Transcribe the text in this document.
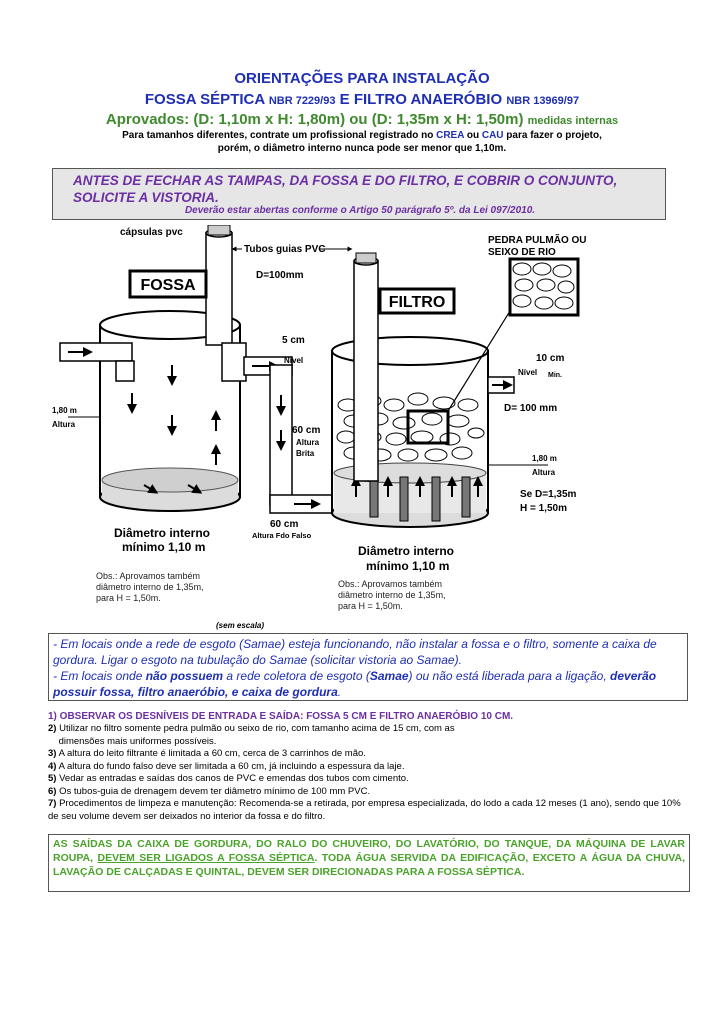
ORIENTAÇÕES PARA INSTALAÇÃO
FOSSA SÉPTICA NBR 7229/93 E FILTRO ANAERÓBIO NBR 13969/97
Aprovados: (D: 1,10m x H: 1,80m) ou (D: 1,35m x H: 1,50m) medidas internas
Para tamanhos diferentes, contrate um profissional registrado no CREA ou CAU para fazer o projeto,
porém, o diâmetro interno nunca pode ser menor que 1,10m.
ANTES DE FECHAR AS TAMPAS, DA FOSSA E DO FILTRO, E COBRIR O CONJUNTO, SOLICITE A VISTORIA.
Deverão estar abertas conforme o Artigo 50 parágrafo 5º. da Lei 097/2010.
FOSSA
FILTRO
cápsulas pvc
Tubos guias PVC
D=100mm
PEDRA PULMÃO OU
SEIXO DE RIO
5 cm
Nível	10 cm
Nível Min.
D= 100 mm
1,80 m
Altura
60 cm
Altura
Brita
1,80 m
Altura
Se D=1,35m
H = 1,50m
60 cm
Altura Fdo Falso
Diâmetro interno
mínimo 1,10 m	Diâmetro interno
mínimo 1,10 m
Obs.: Aprovamos também
diâmetro interno de 1,35m,
para H = 1,50m.
Obs.: Aprovamos também
diâmetro interno de 1,35m,
para H = 1,50m.
(sem escala)

- Em locais onde a rede de esgoto (Samae) esteja funcionando, não instalar a fossa e o filtro, somente a caixa de gordura. Ligar o esgoto na tubulação do Samae (solicitar vistoria ao Samae).

- Em locais onde não possuem a rede coletora de esgoto (Samae) ou não está liberada para a ligação, deverão possuir fossa, filtro anaeróbio, e caixa de gordura.

1) OBSERVAR OS DESNÍVEIS DE ENTRADA E SAÍDA: FOSSA 5 CM E FILTRO ANAERÓBIO 10 CM.

2) Utilizar no filtro somente pedra pulmão ou seixo de rio, com tamanho acima de 15 cm, com as
dimensões mais uniformes possíveis.

3) A altura do leito filtrante é limitada a 60 cm, cerca de 3 carrinhos de mão.

4) A altura do fundo falso deve ser limitada a 60 cm, já incluindo a espessura da laje.

5) Vedar as entradas e saídas dos canos de PVC e emendas dos tubos com cimento.

6) Os tubos-guia de drenagem devem ter diâmetro mínimo de 100 mm PVC.

7) Procedimentos de limpeza e manutenção: Recomenda-se a retirada, por empresa especializada, do lodo a cada 12 meses (1 ano), sendo que 10% de seu volume devem ser deixados no interior da fossa e do filtro.

AS SAÍDAS DA CAIXA DE GORDURA, DO RALO DO CHUVEIRO, DO LAVATÓRIO, DO TANQUE, DA MÁQUINA DE LAVAR ROUPA, DEVEM SER LIGADOS A FOSSA SÉPTICA. TODA ÁGUA SERVIDA DA EDIFICAÇÃO, EXCETO A ÁGUA DA CHUVA, LAVAÇÃO DE CALÇADAS E QUINTAL, DEVEM SER DIRECIONADAS PARA A FOSSA SÉPTICA.
